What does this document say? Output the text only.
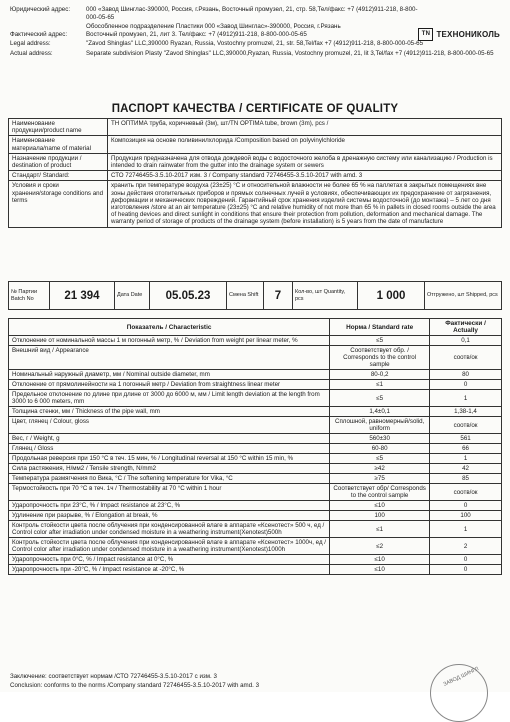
Юридический адрес:	000 «Завод Шинглас-390000, Россия, г.Рязань, Восточный промузел, 21, стр. 58,Тел/факс: +7 (4912)911-218, 8-800-000-05-65
Обособленное подразделение Пластики 000 «Завод Шинглас»-390000, Россия, г.Рязань
Фактический адрес:	Восточный промузел, 21, лит 3. Тел/факс: +7 (4912)911-218, 8-800-000-05-65
Legal address:	"Zavod Shinglas" LLC,390000 Ryazan, Russia, Vostochny promuzel, 21, str. 58,Tel/fax +7 (4912)911-218, 8-800-000-05-65
Actual address:	Separate subdivision Plasty "Zavod Shinglas" LLC,390000,Ryazan, Russia, Vostochny promuzel, 21, lit 3,Tel/fax +7 (4912)911-218, 8-800-000-05-65
TN ТЕХНОНИКОЛЬ
ПАСПОРТ КАЧЕСТВА / CERTIFICATE OF QUALITY
Наименование продукции/product name	TH ОПТИМА труба, коричневый (3м), шт/TN OPTIMA tube, brown (3m), pcs /
Наименование материала/name of material	Композиция на основе поливинилхлорида /Composition based on polyvinylchloride
Назначение продукции / destination of product	Продукция предназначена для отвода дождевой воды с водосточного желоба в дренажную систему или канализацию / Production is intended to drain rainwater from the gutter into the drainage system or sewers
Стандарт/ Standard:	СТО 72746455-3.5.10-2017 изм. 3 / Company standard 72746455-3.5.10-2017 with amd. 3
Условия и сроки хранения/storage conditions and terms	хранить при температуре воздуха (23±25) °С и относительной влажности не более 65 % на паллетах в закрытых помещениях вне зоны действия отопительных приборов и прямых солнечных лучей в условиях, обеспечивающих их предохранение от загрязнения, деформации и механических повреждений. Гарантийный срок хранения изделий системы водосточной (до монтажа) – 5 лет со дня изготовления /store at an air temperature (23±25) °C and relative humidity of not more than 65 % in pallets in closed rooms outside the area of heating devices and direct sunlight in conditions that ensure their protection from pollution, deformation and mechanical damage. The warranty period of storage of products of the drainage system (before installation) is 5 years from the date of manufacture
№ Партии Batch No	21 394	Дата Date	05.05.23	Смена Shift	7	Кол-во, шт Quantity, pcs	1 000	Отгружено, шт Shipped, pcs
Показатель / Characteristic	Норма / Standard rate	Фактически / Actually
Отклонение от номинальной массы 1 м погонный метр, % / Deviation from weight per linear meter, %	≤5	0,1
Внешний вид / Appearance	Соответствует обр. / Corresponds to the control sample	соотв/ок
Номинальный наружный диаметр, мм / Nominal outside diameter, mm	80-0,2	80
Отклонение от прямолинейности на 1 погонный метр / Deviation from straightness linear meter	≤1	0
Предельное отклонение по длине при длине от 3000 до 6000 м, мм / Limit length deviation at the length from 3000 to 6 000 meters, mm	≤5	1
Толщина стенки, мм / Thickness of the pipe wall, mm	1,4±0,1	1,38-1,4
Цвет, глянец / Colour, gloss	Сплошной, равномерный/solid, uniform	соотв/ок
Вес, г / Weight, g	560±30	561
Глянец / Gloss	60-80	66
Продольная реверсия при 150 °С в теч. 15 мин, % / Longitudinal reversal at 150 °C within 15 min, %	≤5	1
Сила растяжения, Н/мм2 / Tensile strength, N/mm2	≥42	42
Температура размягчения по Вика, °С / The softening temperature for Vika, °С	≥75	85
Термостойкость при 70 °С в теч. 1ч / Thermostability at 70 °C within 1 hour	Соответствует обр/ Corresponds to the control sample	соотв/ок
Ударопрочность при 23°С, % / Impact resistance at 23°С, %	≤10	0
Удлинение при разрыве, % / Elongation at break, %	100	100
Контроль стойкости цвета после облучения при конденсированной влаге в аппарате «Ксенотест» 500 ч, ед / Control color after irradiation under condensed moisture in a weathering instrument(Xenotest)500h	≤1	1
Контроль стойкости цвета после облучения при конденсированной влаге в аппарате «Ксенотест» 1000ч, ед / Control color after irradiation under condensed moisture in a weathering instrument(Xenotest)1000h	≤2	2
Ударопрочность при 0°С, % / Impact resistance at 0°С, %	≤10	0
Ударопрочность при -20°С, % / Impact resistance at -20°С, %	≤10	0
Заключение: соответствует нормам /СТО 72746455-3.5.10-2017 с изм. 3
Conclusion: conforms to the norms /Company standard 72746455-3.5.10-2017 with amd. 3	ЗАВОД ШИНГЛ
